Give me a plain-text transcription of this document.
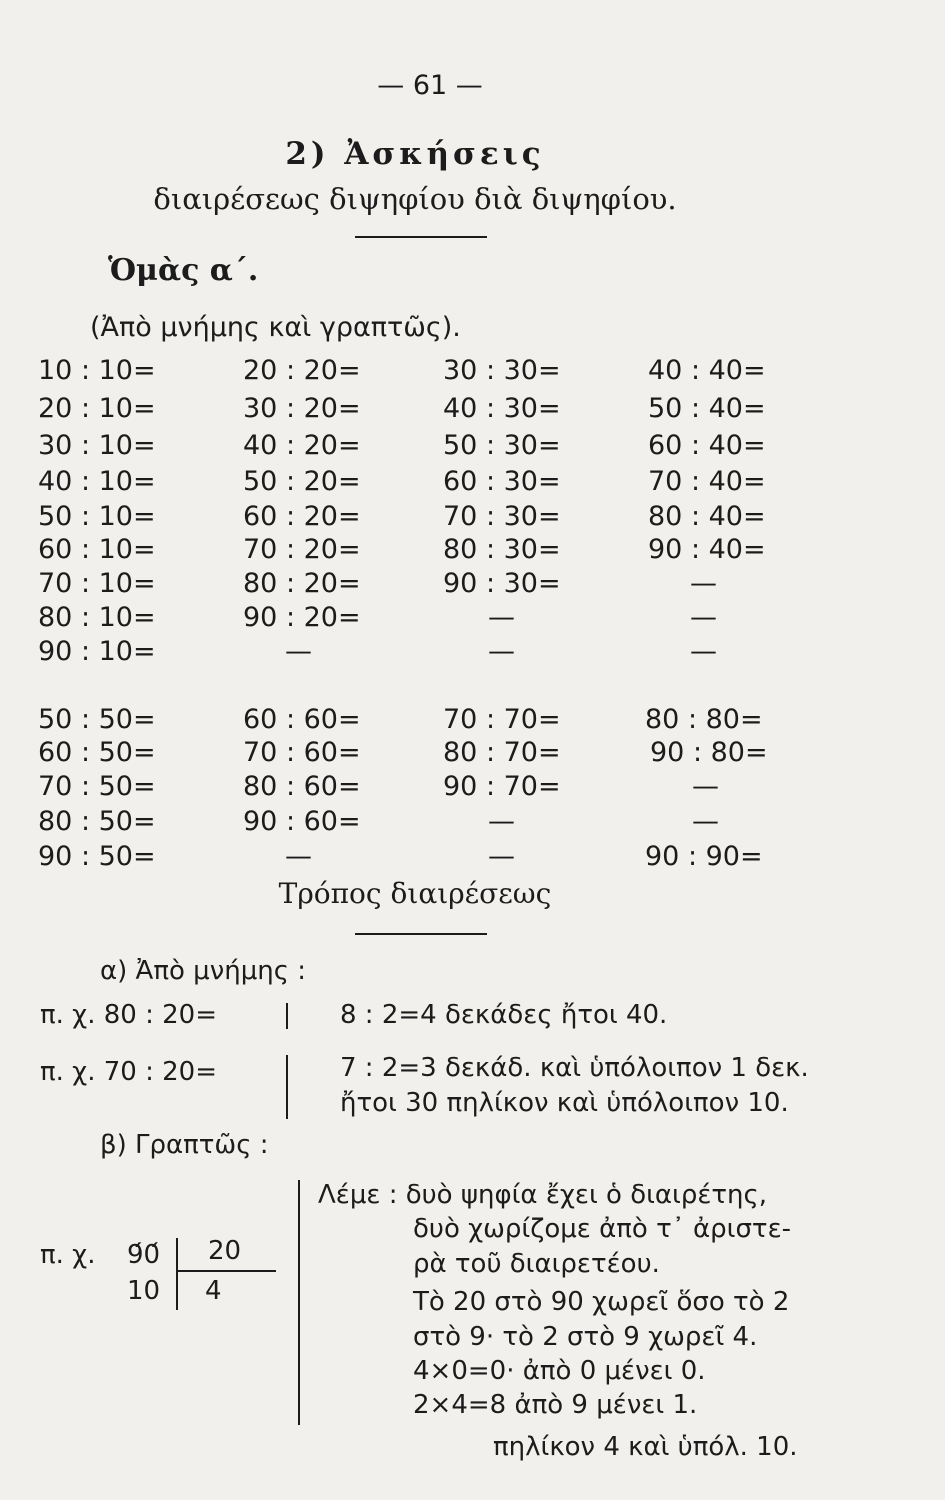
— 61 —
2) Ἀσκήσεις
διαιρέσεως διψηφίου διὰ διψηφίου.
Ὁμὰς α΄.
(Ἀπὸ μνήμης καὶ γραπτῶς).
10 : 10=	20 : 20=	30 : 30=	40 : 40=
20 : 10=	30 : 20=	40 : 30=	50 : 40=
30 : 10=	40 : 20=	50 : 30=	60 : 40=
40 : 10=	50 : 20=	60 : 30=	70 : 40=
50 : 10=	60 : 20=	70 : 30=	80 : 40=
60 : 10=	70 : 20=	80 : 30=	90 : 40=
70 : 10=	80 : 20=	90 : 30=	—
80 : 10=	90 : 20=	—	—
90 : 10=	—	—	—
50 : 50=	60 : 60=	70 : 70=	80 : 80=
60 : 50=	70 : 60=	80 : 70=	90 : 80=
70 : 50=	80 : 60=	90 : 70=	—
80 : 50=	90 : 60=	—	—
90 : 50=	—	—	90 : 90=
Τρόπος διαιρέσεως
α) Ἀπὸ μνήμης :
π. χ. 80 : 20=	8 : 2=4 δεκάδες ἤτοι 40.
π. χ. 70 : 20=	7 : 2=3 δεκάδ. καὶ ὑπόλοιπον 1 δεκ.
ἤτοι 30 πηλίκον καὶ ὑπόλοιπον 10.
β) Γραπτῶς :
π. χ. 9́0́
10
20
4
Λέμε : δυὸ ψηφία ἔχει ὁ διαιρέτης,
δυὸ χωρίζομε ἀπὸ τ᾽ ἀριστε-
ρὰ τοῦ διαιρετέου.
Τὸ 20 στὸ 90 χωρεῖ ὅσο τὸ 2
στὸ 9· τὸ 2 στὸ 9 χωρεῖ 4.
4×0=0· ἀπὸ 0 μένει 0.
2×4=8 ἀπὸ 9 μένει 1.
πηλίκον 4 καὶ ὑπόλ. 10.
